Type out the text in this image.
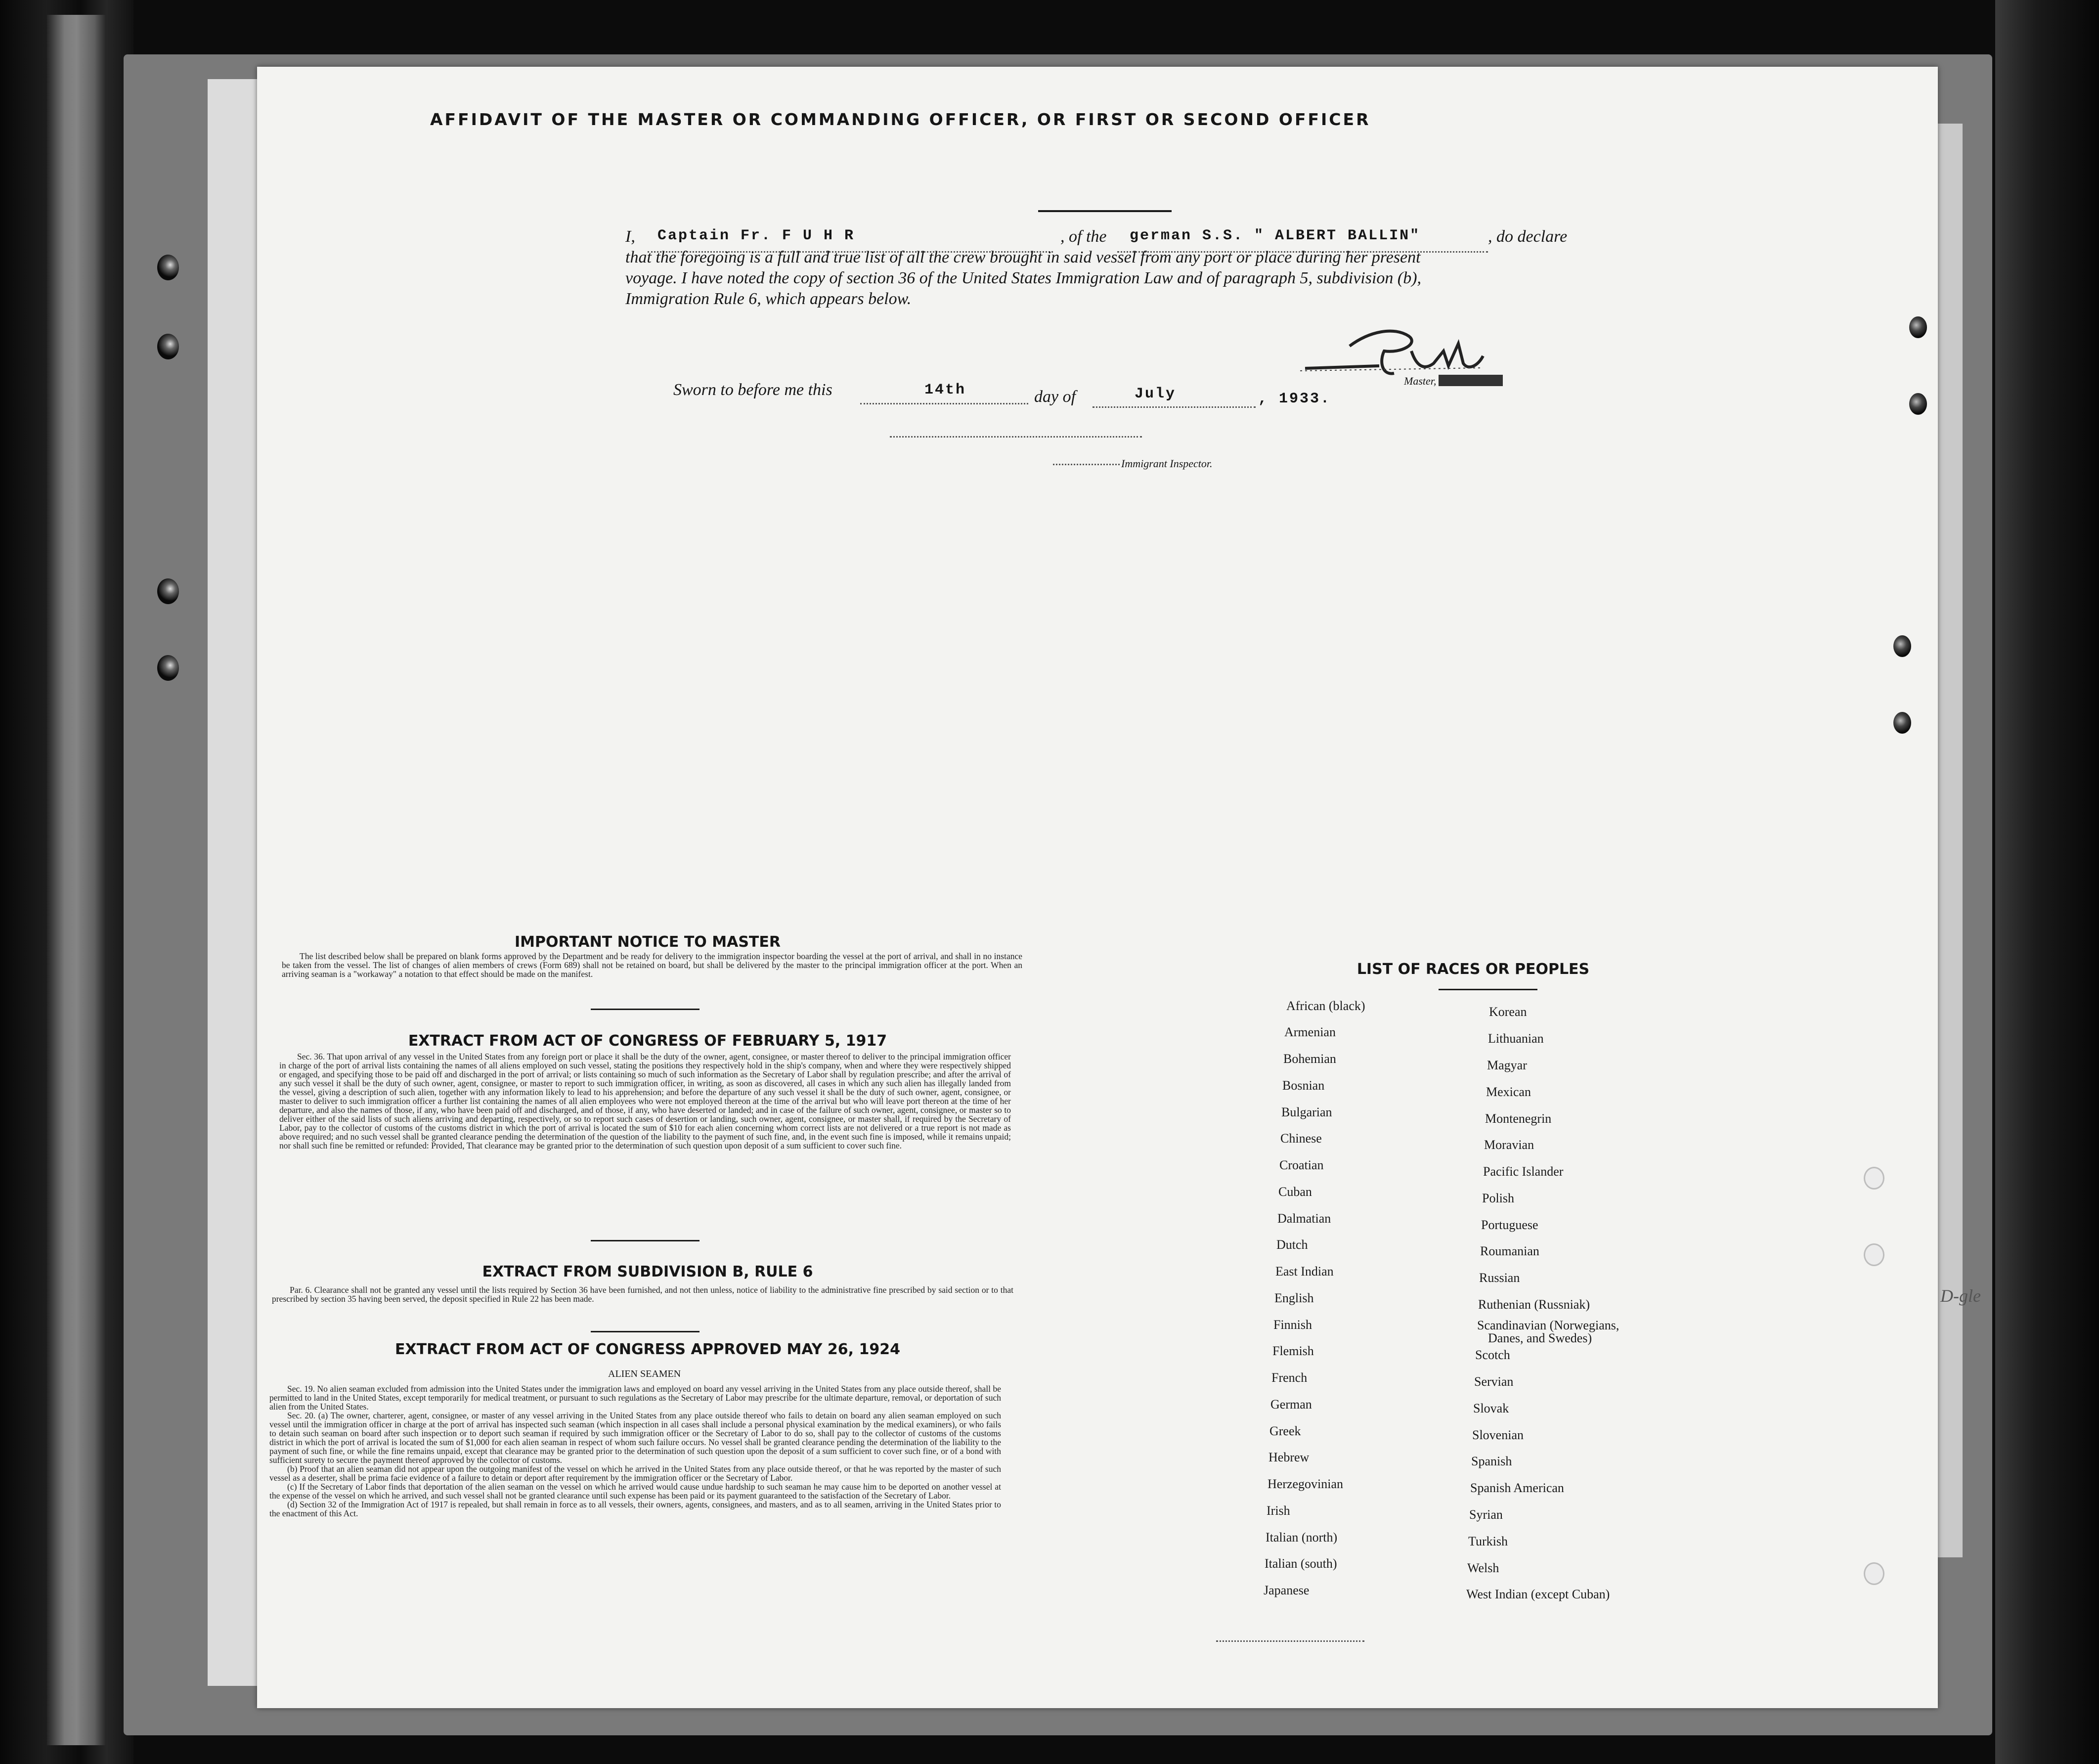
AFFIDAVIT OF THE MASTER OR COMMANDING OFFICER, OR FIRST OR SECOND OFFICER
I, Captain Fr. F U H R	, of the german S.S. " ALBERT BALLIN"	, do declare
that the foregoing is a full and true list of all the crew brought in said vessel from any port or place during her present
voyage. I have noted the copy of section 36 of the United States Immigration Law and of paragraph 5, subdivision (b),
Immigration Rule 6, which appears below.
Master, XXXXXXXXXX
Sworn to before me this	14th	day of	July	, 1933.
Immigrant Inspector.
IMPORTANT NOTICE TO MASTER

The list described below shall be prepared on blank forms approved by the Department and be ready for delivery to the immigration inspector boarding the vessel at the port of arrival, and shall in no instance be taken from the vessel. The list of changes of alien members of crews (Form 689) shall not be retained on board, but shall be delivered by the master to the principal immigration officer at the port. When an arriving seaman is a "workaway" a notation to that effect should be made on the manifest.

EXTRACT FROM ACT OF CONGRESS OF FEBRUARY 5, 1917

Sec. 36. That upon arrival of any vessel in the United States from any foreign port or place it shall be the duty of the owner, agent, consignee, or master thereof to deliver to the principal immigration officer in charge of the port of arrival lists containing the names of all aliens employed on such vessel, stating the positions they respectively hold in the ship's company, when and where they were respectively shipped or engaged, and specifying those to be paid off and discharged in the port of arrival; or lists containing so much of such information as the Secretary of Labor shall by regulation prescribe; and after the arrival of any such vessel it shall be the duty of such owner, agent, consignee, or master to report to such immigration officer, in writing, as soon as discovered, all cases in which any such alien has illegally landed from the vessel, giving a description of such alien, together with any information likely to lead to his apprehension; and before the departure of any such vessel it shall be the duty of such owner, agent, consignee, or master to deliver to such immigration officer a further list containing the names of all alien employees who were not employed thereon at the time of the arrival but who will leave port thereon at the time of her departure, and also the names of those, if any, who have been paid off and discharged, and of those, if any, who have deserted or landed; and in case of the failure of such owner, agent, consignee, or master so to deliver either of the said lists of such aliens arriving and departing, respectively, or so to report such cases of desertion or landing, such owner, agent, consignee, or master shall, if required by the Secretary of Labor, pay to the collector of customs of the customs district in which the port of arrival is located the sum of $10 for each alien concerning whom correct lists are not delivered or a true report is not made as above required; and no such vessel shall be granted clearance pending the determination of the question of the liability to the payment of such fine, and, in the event such fine is imposed, while it remains unpaid; nor shall such fine be remitted or refunded: Provided, That clearance may be granted prior to the determination of such question upon deposit of a sum sufficient to cover such fine.

EXTRACT FROM SUBDIVISION B, RULE 6

Par. 6. Clearance shall not be granted any vessel until the lists required by Section 36 have been furnished, and not then unless, notice of liability to the administrative fine prescribed by said section or to that prescribed by section 35 having been served, the deposit specified in Rule 22 has been made.

EXTRACT FROM ACT OF CONGRESS APPROVED MAY 26, 1924
ALIEN SEAMEN

Sec. 19. No alien seaman excluded from admission into the United States under the immigration laws and employed on board any vessel arriving in the United States from any place outside thereof, shall be permitted to land in the United States, except temporarily for medical treatment, or pursuant to such regulations as the Secretary of Labor may prescribe for the ultimate departure, removal, or deportation of such alien from the United States.

Sec. 20. (a) The owner, charterer, agent, consignee, or master of any vessel arriving in the United States from any place outside thereof who fails to detain on board any alien seaman employed on such vessel until the immigration officer in charge at the port of arrival has inspected such seaman (which inspection in all cases shall include a personal physical examination by the medical examiners), or who fails to detain such seaman on board after such inspection or to deport such seaman if required by such immigration officer or the Secretary of Labor to do so, shall pay to the collector of customs of the customs district in which the port of arrival is located the sum of $1,000 for each alien seaman in respect of whom such failure occurs. No vessel shall be granted clearance pending the determination of the liability to the payment of such fine, or while the fine remains unpaid, except that clearance may be granted prior to the determination of such question upon the deposit of a sum sufficient to cover such fine, or of a bond with sufficient surety to secure the payment thereof approved by the collector of customs.

(b) Proof that an alien seaman did not appear upon the outgoing manifest of the vessel on which he arrived in the United States from any place outside thereof, or that he was reported by the master of such vessel as a deserter, shall be prima facie evidence of a failure to detain or deport after requirement by the immigration officer or the Secretary of Labor.

(c) If the Secretary of Labor finds that deportation of the alien seaman on the vessel on which he arrived would cause undue hardship to such seaman he may cause him to be deported on another vessel at the expense of the vessel on which he arrived, and such vessel shall not be granted clearance until such expense has been paid or its payment guaranteed to the satisfaction of the Secretary of Labor.

(d) Section 32 of the Immigration Act of 1917 is repealed, but shall remain in force as to all vessels, their owners, agents, consignees, and masters, and as to all seamen, arriving in the United States prior to the enactment of this Act.

LIST OF RACES OR PEOPLES
African (black)
Armenian
Bohemian
Bosnian
Bulgarian
Chinese
Croatian
Cuban
Dalmatian
Dutch
East Indian
English
Finnish
Flemish
French
German
Greek
Hebrew
Herzegovinian
Irish
Italian (north)
Italian (south)
Japanese
Korean
Lithuanian
Magyar
Mexican
Montenegrin
Moravian
Pacific Islander
Polish
Portuguese
Roumanian
Russian
Ruthenian (Russniak)
Scandinavian (Norwegians,
Danes, and Swedes)
Scotch
Servian
Slovak
Slovenian
Spanish
Spanish American
Syrian
Turkish
Welsh
West Indian (except Cuban)
D-gle
